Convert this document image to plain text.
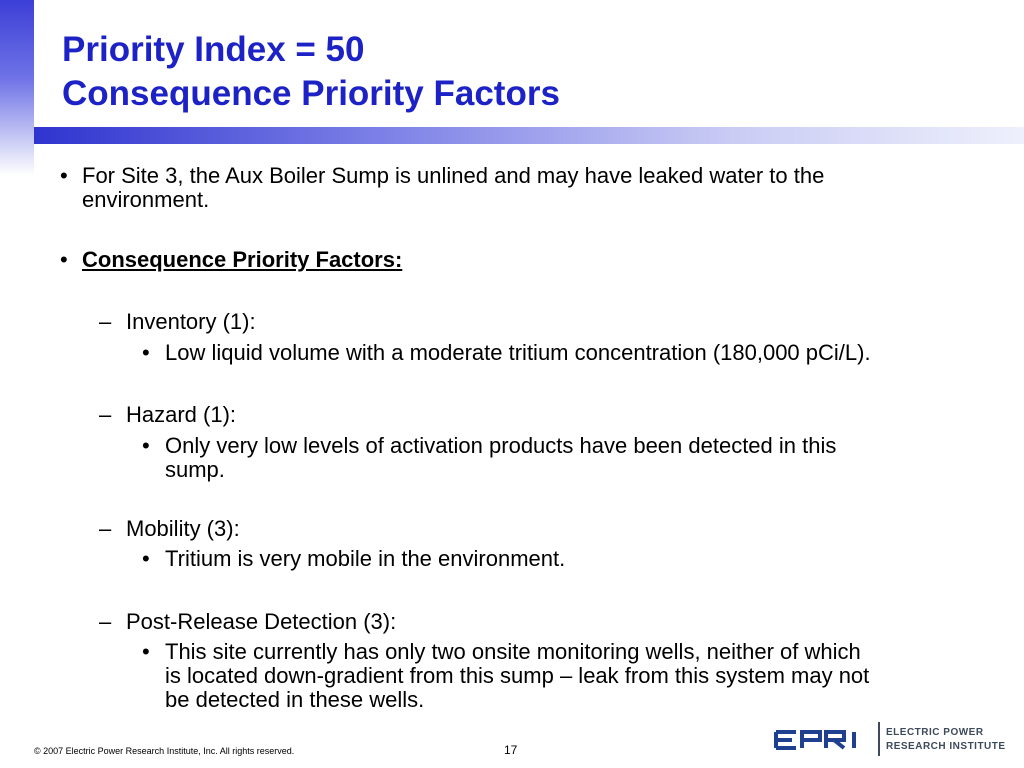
Priority Index = 50
Consequence Priority Factors
• For Site 3, the Aux Boiler Sump is unlined and may have leaked water to the
environment.
• Consequence Priority Factors:
– Inventory (1):
• Low liquid volume with a moderate tritium concentration (180,000 pCi/L).
– Hazard (1):
• Only very low levels of activation products have been detected in this
sump.
– Mobility (3):
• Tritium is very mobile in the environment.
– Post-Release Detection (3):
• This site currently has only two onsite monitoring wells, neither of which
is located down-gradient from this sump – leak from this system may not
be detected in these wells.
© 2007 Electric Power Research Institute, Inc. All rights reserved.	17
ELECTRIC POWER
RESEARCH INSTITUTE
